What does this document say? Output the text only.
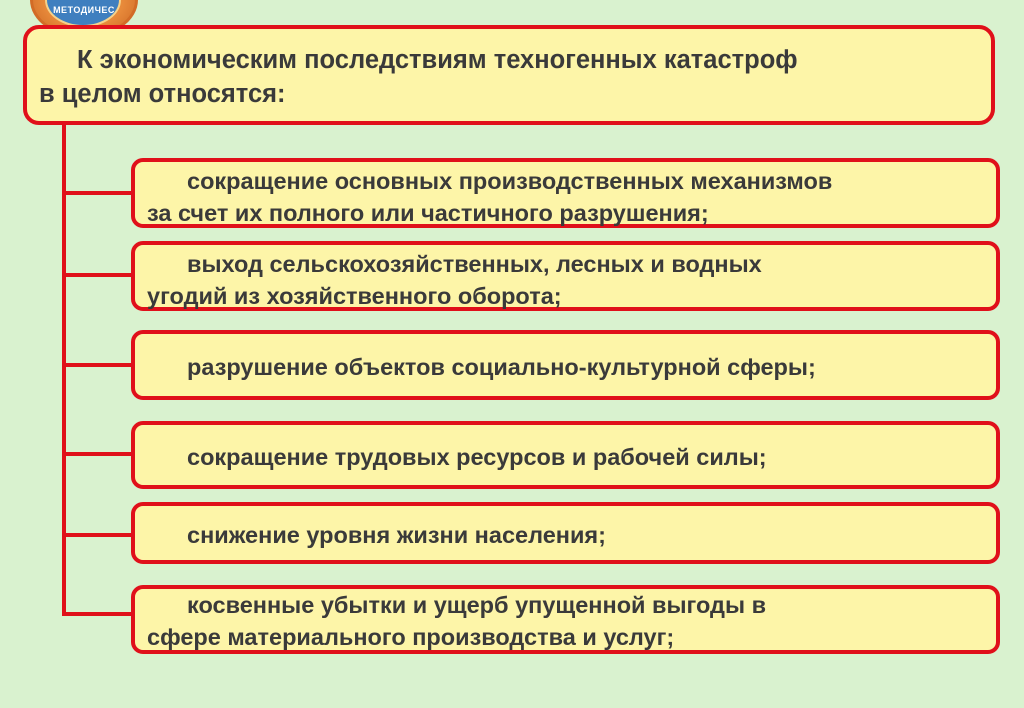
МЕТОДИЧЕС
К экономическим последствиям техногенных катастроф
в целом относятся:
сокращение основных производственных механизмов
за счет их полного или частичного разрушения;
выход сельскохозяйственных, лесных и водных
угодий из хозяйственного оборота;
разрушение объектов социально-культурной сферы;
сокращение трудовых ресурсов и рабочей силы;
снижение уровня жизни населения;
косвенные убытки и ущерб упущенной выгоды в
сфере материального производства и услуг;
